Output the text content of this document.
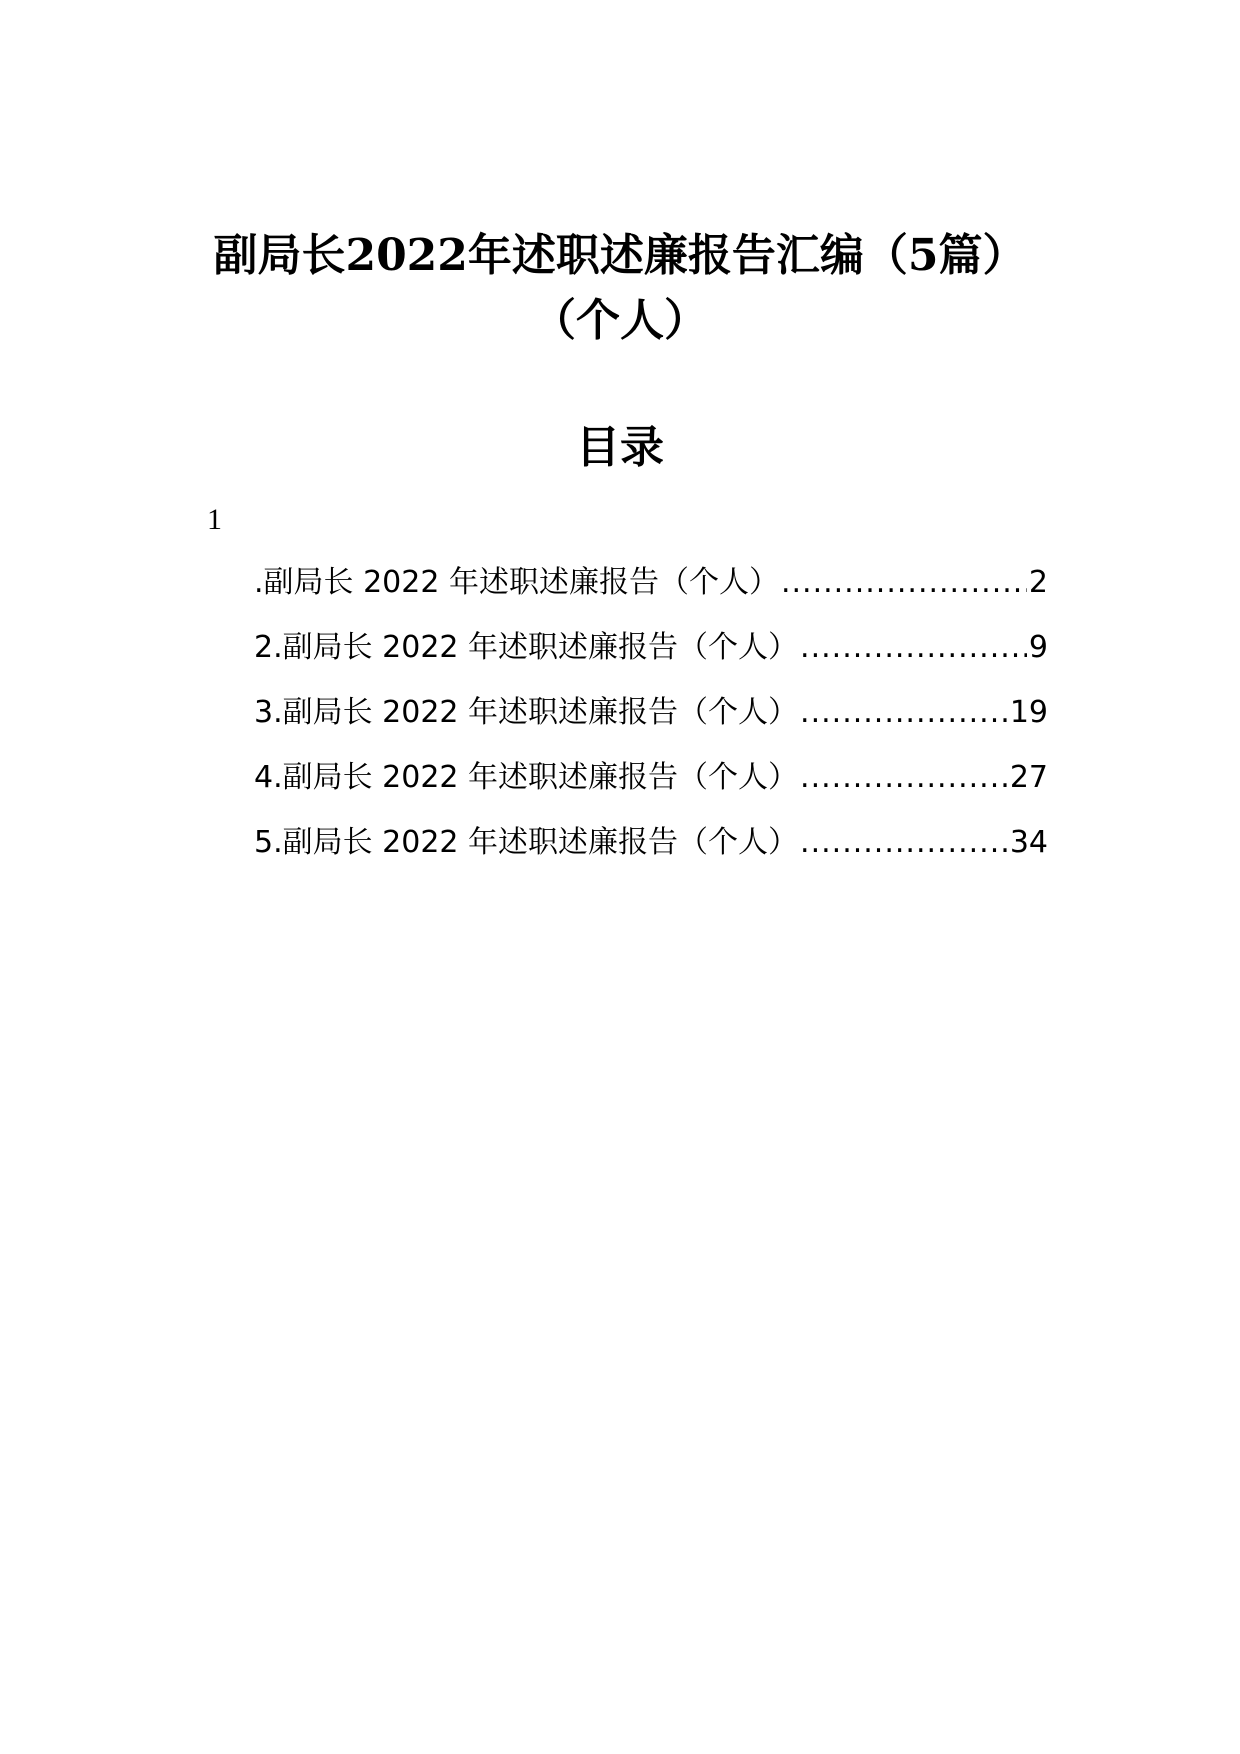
副局长2022年述职述廉报告汇编（5篇）
（个人）
目录
1
.副局长 2022 年述职述廉报告（个人） .....	2
2.副局长 2022 年述职述廉报告（个人） .....	9
3.副局长 2022 年述职述廉报告（个人） .....	19
4.副局长 2022 年述职述廉报告（个人） .....	27
5.副局长 2022 年述职述廉报告（个人） .....	34
